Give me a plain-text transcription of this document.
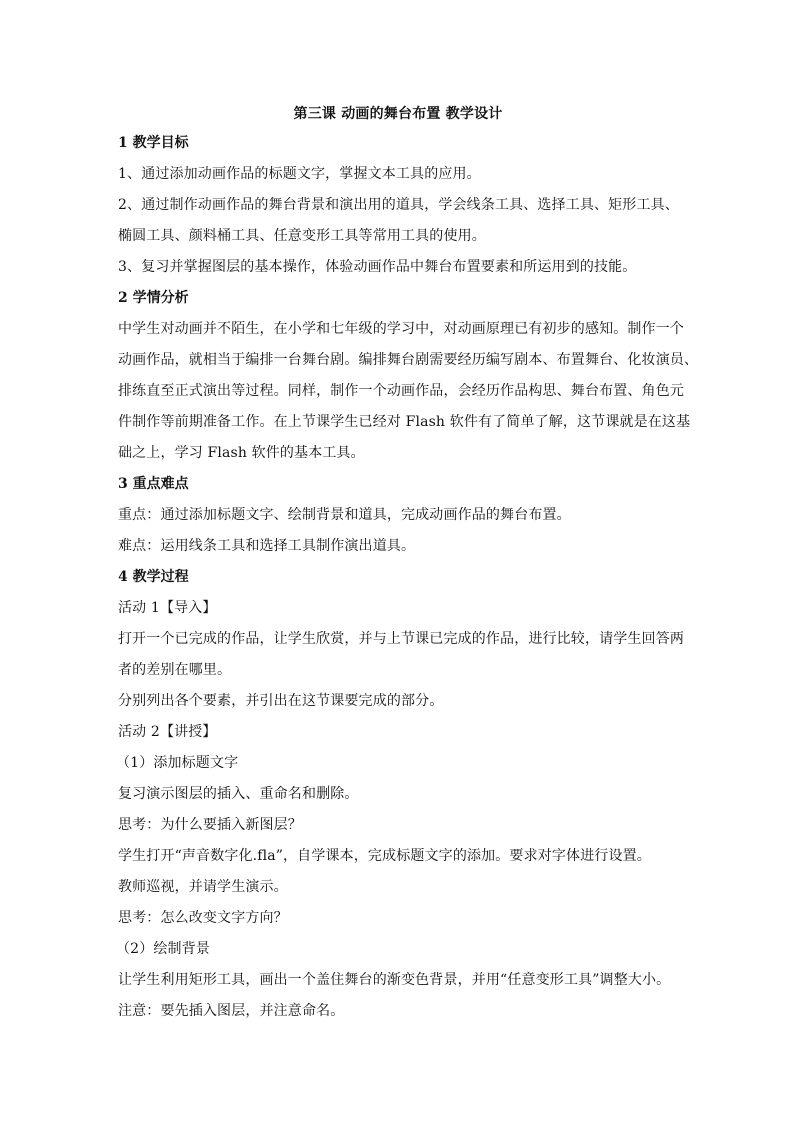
第三课 动画的舞台布置 教学设计
1 教学目标
1、通过添加动画作品的标题文字，掌握文本工具的应用。
2、通过制作动画作品的舞台背景和演出用的道具，学会线条工具、选择工具、矩形工具、
椭圆工具、颜料桶工具、任意变形工具等常用工具的使用。
3、复习并掌握图层的基本操作，体验动画作品中舞台布置要素和所运用到的技能。
2 学情分析
中学生对动画并不陌生，在小学和七年级的学习中，对动画原理已有初步的感知。制作一个
动画作品，就相当于编排一台舞台剧。编排舞台剧需要经历编写剧本、布置舞台、化妆演员、
排练直至正式演出等过程。同样，制作一个动画作品，会经历作品构思、舞台布置、角色元
件制作等前期准备工作。在上节课学生已经对 Flash 软件有了简单了解，这节课就是在这基
础之上，学习 Flash 软件的基本工具。
3 重点难点
重点：通过添加标题文字、绘制背景和道具，完成动画作品的舞台布置。
难点：运用线条工具和选择工具制作演出道具。
4 教学过程
活动 1【导入】
打开一个已完成的作品，让学生欣赏，并与上节课已完成的作品，进行比较，请学生回答两
者的差别在哪里。
分别列出各个要素，并引出在这节课要完成的部分。
活动 2【讲授】
（1）添加标题文字
复习演示图层的插入、重命名和删除。
思考：为什么要插入新图层？
学生打开“声音数字化.fla”，自学课本，完成标题文字的添加。要求对字体进行设置。
教师巡视，并请学生演示。
思考：怎么改变文字方向？
（2）绘制背景
让学生利用矩形工具，画出一个盖住舞台的渐变色背景，并用“任意变形工具”调整大小。
注意：要先插入图层，并注意命名。
